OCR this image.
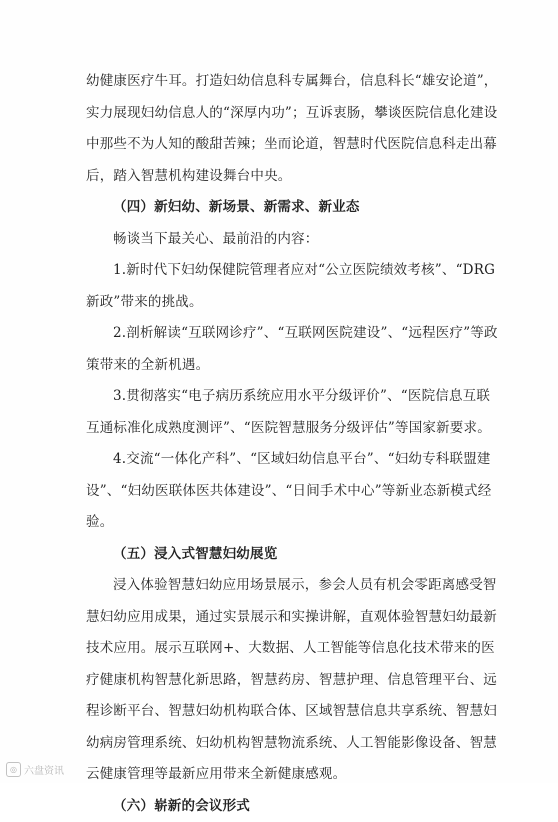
幼健康医疗牛耳。打造妇幼信息科专属舞台，信息科长“雄安论道”，实力展现妇幼信息人的“深厚内功”；互诉衷肠，攀谈医院信息化建设中那些不为人知的酸甜苦辣；坐而论道，智慧时代医院信息科走出幕后，踏入智慧机构建设舞台中央。

（四）新妇幼、新场景、新需求、新业态

畅谈当下最关心、最前沿的内容：

1.新时代下妇幼保健院管理者应对“公立医院绩效考核”、“DRG 新政”带来的挑战。

2.剖析解读“互联网诊疗”、“互联网医院建设”、“远程医疗”等政策带来的全新机遇。

3.贯彻落实“电子病历系统应用水平分级评价”、“医院信息互联互通标准化成熟度测评”、“医院智慧服务分级评估”等国家新要求。

4.交流“一体化产科”、“区域妇幼信息平台”、“妇幼专科联盟建设”、“妇幼医联体医共体建设”、“日间手术中心”等新业态新模式经验。

（五）浸入式智慧妇幼展览

浸入体验智慧妇幼应用场景展示，参会人员有机会零距离感受智慧妇幼应用成果，通过实景展示和实操讲解，直观体验智慧妇幼最新技术应用。展示互联网+、大数据、人工智能等信息化技术带来的医疗健康机构智慧化新思路，智慧药房、智慧护理、信息管理平台、远程诊断平台、智慧妇幼机构联合体、区域智慧信息共享系统、智慧妇幼病房管理系统、妇幼机构智慧物流系统、人工智能影像设备、智慧云健康管理等最新应用带来全新健康感观。

（六）崭新的会议形式

◎ 六盘资讯
